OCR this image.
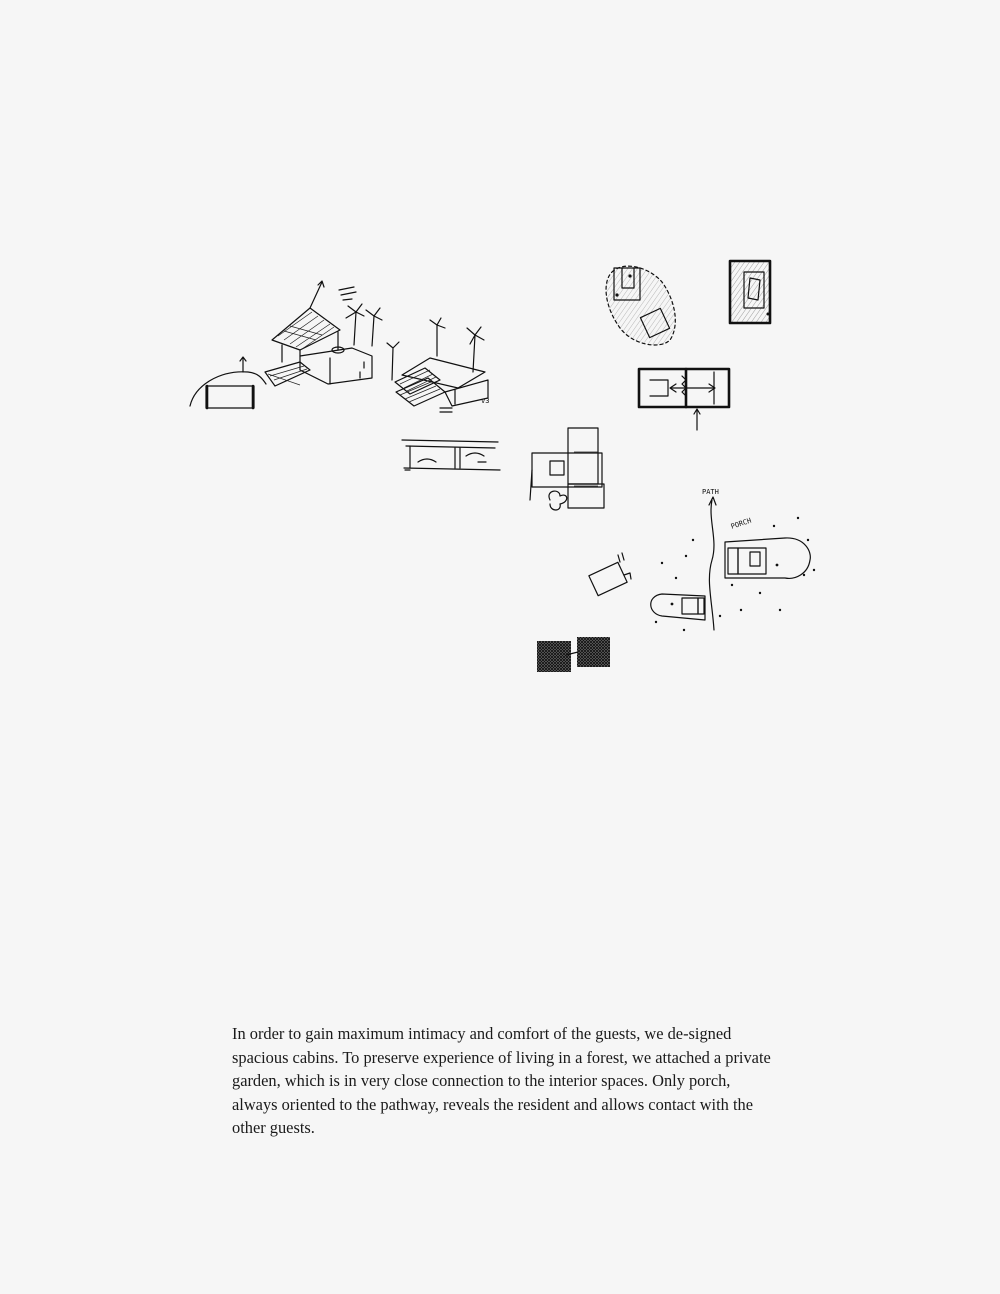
v3
PATH
PORCH

In order to gain maximum intimacy and comfort of the guests, we de-signed spacious cabins. To preserve experience of living in a forest, we attached a private garden, which is in very close connection to the interior spaces. Only porch, always oriented to the pathway, reveals the resident and allows contact with the other guests.
